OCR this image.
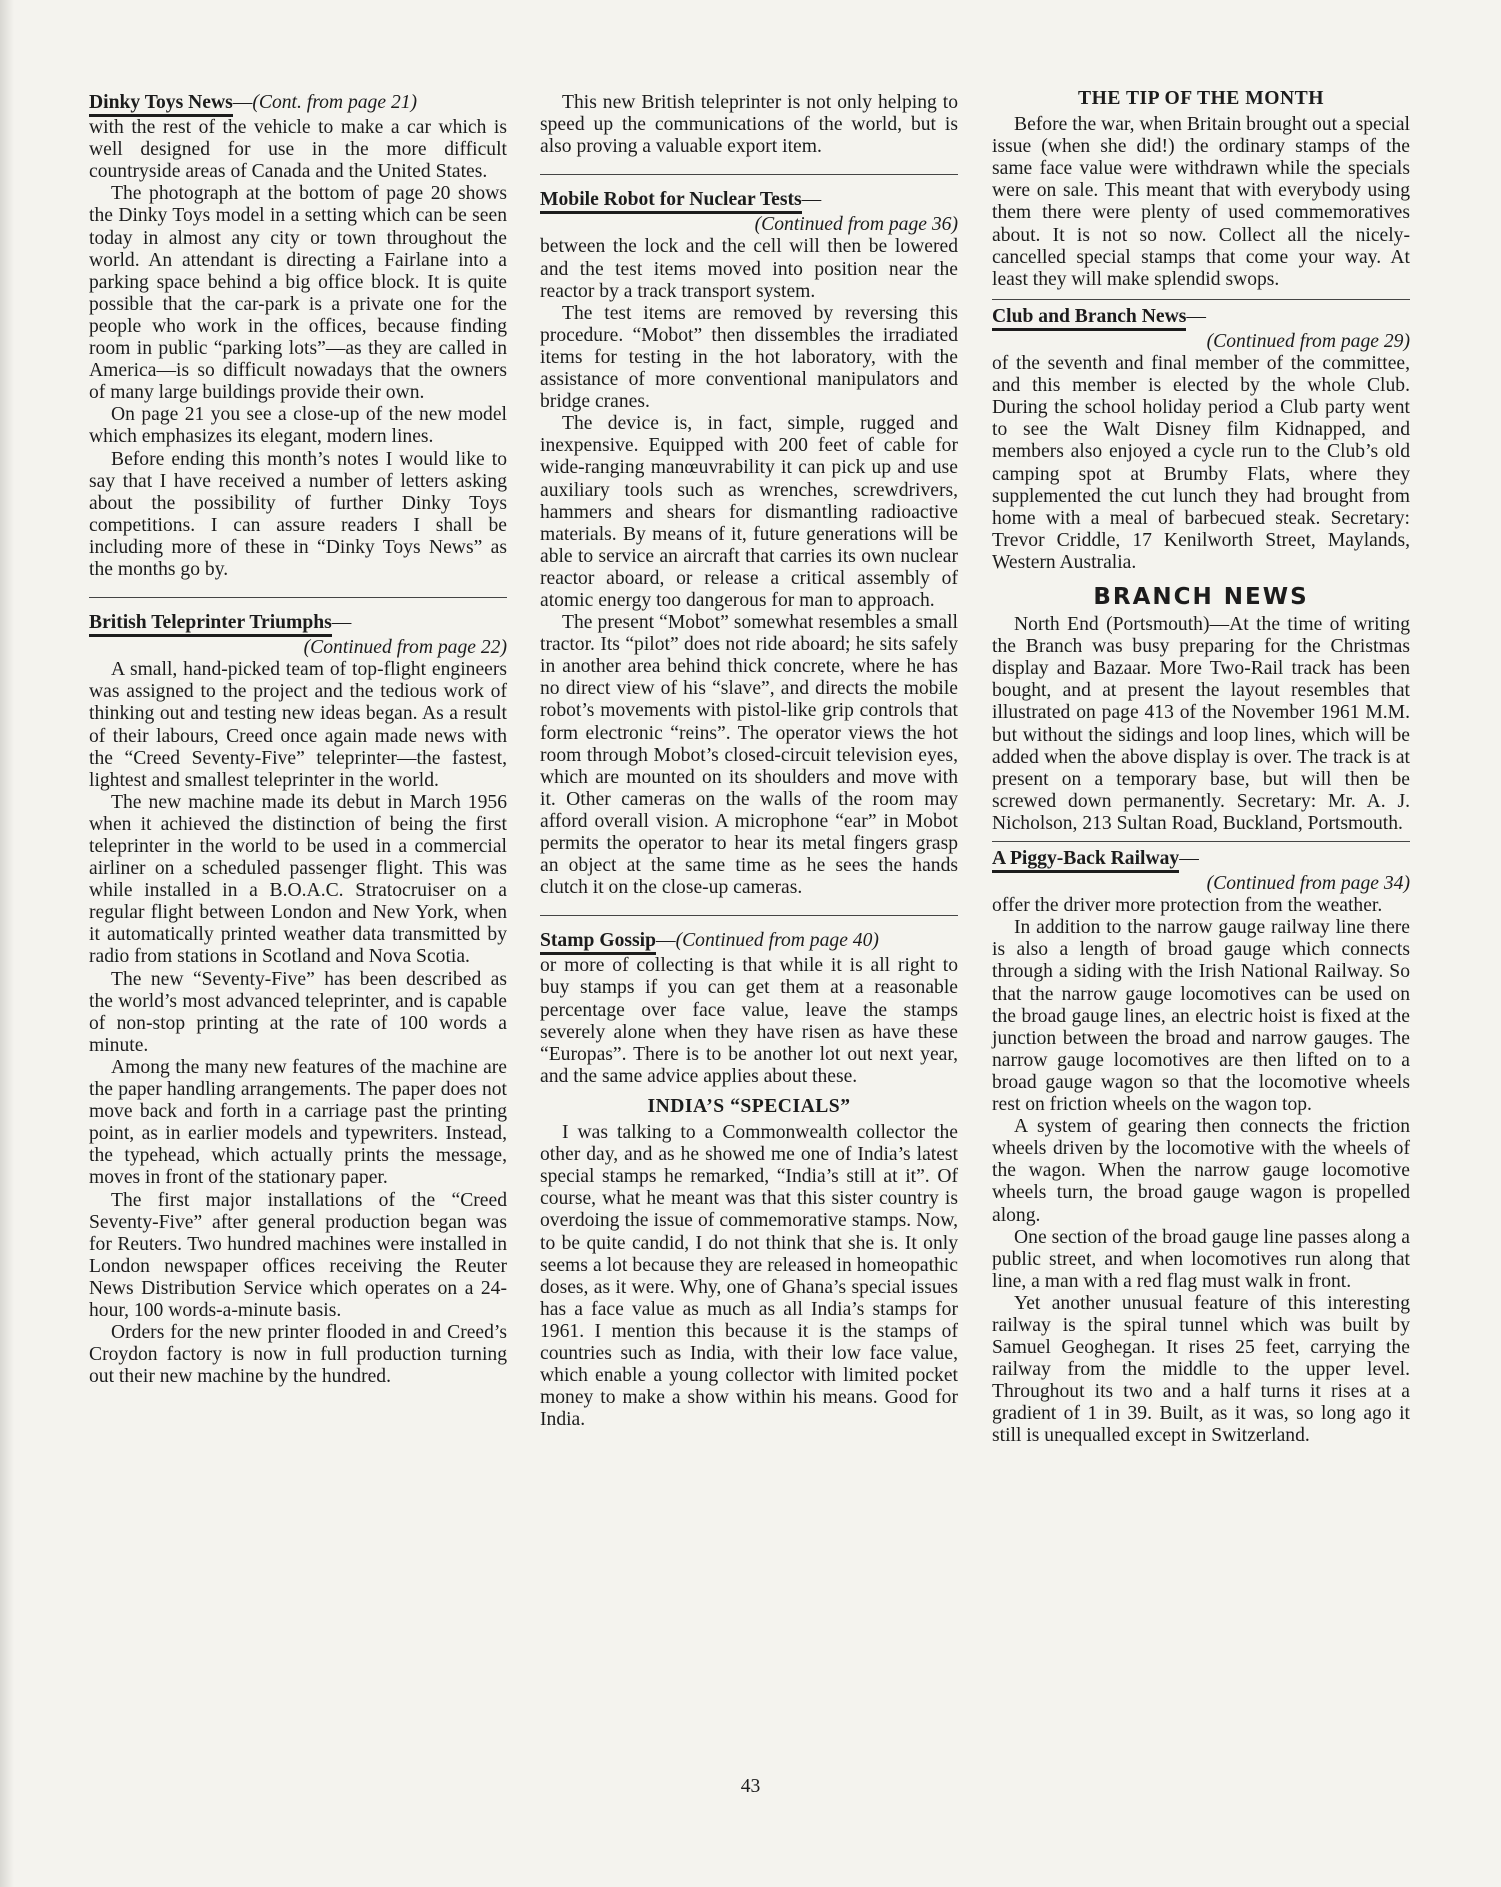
Dinky Toys News—(Cont. from page 21)

with the rest of the vehicle to make a car which is well designed for use in the more difficult countryside areas of Canada and the United States.

The photograph at the bottom of page 20 shows the Dinky Toys model in a setting which can be seen today in almost any city or town throughout the world. An attendant is directing a Fairlane into a parking space behind a big office block. It is quite possible that the car-park is a private one for the people who work in the offices, because finding room in public “parking lots”—as they are called in America—is so difficult nowadays that the owners of many large buildings provide their own.

On page 21 you see a close-up of the new model which emphasizes its elegant, modern lines.

Before ending this month’s notes I would like to say that I have received a number of letters asking about the possibility of further Dinky Toys competitions. I can assure readers I shall be including more of these in “Dinky Toys News” as the months go by.

British Teleprinter Triumphs—

(Continued from page 22)

A small, hand-picked team of top-flight engineers was assigned to the project and the tedious work of thinking out and testing new ideas began. As a result of their labours, Creed once again made news with the “Creed Seventy-Five” teleprinter—the fastest, lightest and smallest teleprinter in the world.

The new machine made its debut in March 1956 when it achieved the distinction of being the first teleprinter in the world to be used in a commercial airliner on a scheduled passenger flight. This was while installed in a B.O.A.C. Stratocruiser on a regular flight between London and New York, when it automatically printed weather data transmitted by radio from stations in Scotland and Nova Scotia.

The new “Seventy-Five” has been described as the world’s most advanced teleprinter, and is capable of non-stop printing at the rate of 100 words a minute.

Among the many new features of the machine are the paper handling arrangements. The paper does not move back and forth in a carriage past the printing point, as in earlier models and typewriters. Instead, the typehead, which actually prints the message, moves in front of the stationary paper.

The first major installations of the “Creed Seventy-Five” after general production began was for Reuters. Two hundred machines were installed in London newspaper offices receiving the Reuter News Distribution Service which operates on a 24-hour, 100 words-a-minute basis.

Orders for the new printer flooded in and Creed’s Croydon factory is now in full production turning out their new machine by the hundred.

This new British teleprinter is not only helping to speed up the communications of the world, but is also proving a valuable export item.

Mobile Robot for Nuclear Tests—

(Continued from page 36)

between the lock and the cell will then be lowered and the test items moved into position near the reactor by a track transport system.

The test items are removed by reversing this procedure. “Mobot” then dissembles the irradiated items for testing in the hot laboratory, with the assistance of more conventional manipulators and bridge cranes.

The device is, in fact, simple, rugged and inexpensive. Equipped with 200 feet of cable for wide-ranging manœuvrability it can pick up and use auxiliary tools such as wrenches, screwdrivers, hammers and shears for dismantling radioactive materials. By means of it, future generations will be able to service an aircraft that carries its own nuclear reactor aboard, or release a critical assembly of atomic energy too dangerous for man to approach.

The present “Mobot” somewhat resembles a small tractor. Its “pilot” does not ride aboard; he sits safely in another area behind thick concrete, where he has no direct view of his “slave”, and directs the mobile robot’s movements with pistol-like grip controls that form electronic “reins”. The operator views the hot room through Mobot’s closed-circuit television eyes, which are mounted on its shoulders and move with it. Other cameras on the walls of the room may afford overall vision. A microphone “ear” in Mobot permits the operator to hear its metal fingers grasp an object at the same time as he sees the hands clutch it on the close-up cameras.

Stamp Gossip—(Continued from page 40)

or more of collecting is that while it is all right to buy stamps if you can get them at a reasonable percentage over face value, leave the stamps severely alone when they have risen as have these “Europas”. There is to be another lot out next year, and the same advice applies about these.

INDIA’S “SPECIALS”

I was talking to a Commonwealth collector the other day, and as he showed me one of India’s latest special stamps he remarked, “India’s still at it”. Of course, what he meant was that this sister country is overdoing the issue of commemorative stamps. Now, to be quite candid, I do not think that she is. It only seems a lot because they are released in homeopathic doses, as it were. Why, one of Ghana’s special issues has a face value as much as all India’s stamps for 1961. I mention this because it is the stamps of countries such as India, with their low face value, which enable a young collector with limited pocket money to make a show within his means. Good for India.

THE TIP OF THE MONTH

Before the war, when Britain brought out a special issue (when she did!) the ordinary stamps of the same face value were withdrawn while the specials were on sale. This meant that with everybody using them there were plenty of used commemoratives about. It is not so now. Collect all the nicely-cancelled special stamps that come your way. At least they will make splendid swops.

Club and Branch News—

(Continued from page 29)

of the seventh and final member of the committee, and this member is elected by the whole Club. During the school holiday period a Club party went to see the Walt Disney film Kidnapped, and members also enjoyed a cycle run to the Club’s old camping spot at Brumby Flats, where they supplemented the cut lunch they had brought from home with a meal of barbecued steak. Secretary: Trevor Criddle, 17 Kenilworth Street, Maylands, Western Australia.

BRANCH NEWS

North End (Portsmouth)—At the time of writing the Branch was busy preparing for the Christmas display and Bazaar. More Two-Rail track has been bought, and at present the layout resembles that illustrated on page 413 of the November 1961 M.M. but without the sidings and loop lines, which will be added when the above display is over. The track is at present on a temporary base, but will then be screwed down permanently. Secretary: Mr. A. J. Nicholson, 213 Sultan Road, Buckland, Portsmouth.

A Piggy-Back Railway—

(Continued from page 34)

offer the driver more protection from the weather.

In addition to the narrow gauge railway line there is also a length of broad gauge which connects through a siding with the Irish National Railway. So that the narrow gauge locomotives can be used on the broad gauge lines, an electric hoist is fixed at the junction between the broad and narrow gauges. The narrow gauge locomotives are then lifted on to a broad gauge wagon so that the locomotive wheels rest on friction wheels on the wagon top.

A system of gearing then connects the friction wheels driven by the locomotive with the wheels of the wagon. When the narrow gauge locomotive wheels turn, the broad gauge wagon is propelled along.

One section of the broad gauge line passes along a public street, and when locomotives run along that line, a man with a red flag must walk in front.

Yet another unusual feature of this interesting railway is the spiral tunnel which was built by Samuel Geoghegan. It rises 25 feet, carrying the railway from the middle to the upper level. Throughout its two and a half turns it rises at a gradient of 1 in 39. Built, as it was, so long ago it still is unequalled except in Switzerland.

43
